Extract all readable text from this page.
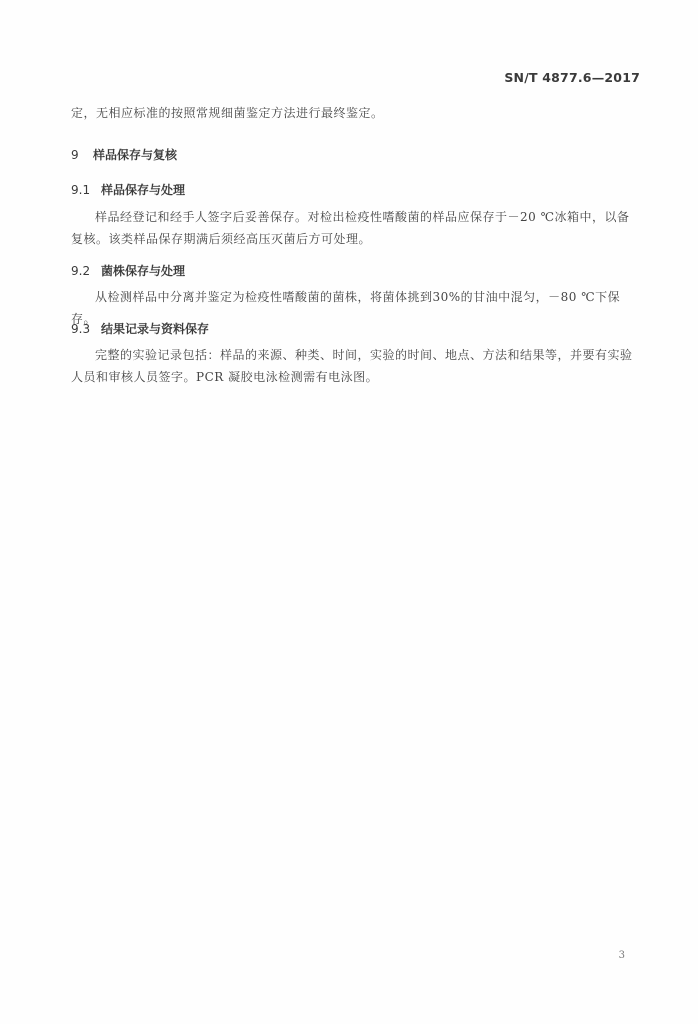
SN/T 4877.6—2017
定，无相应标准的按照常规细菌鉴定方法进行最终鉴定。
9 样品保存与复核
9.1 样品保存与处理
样品经登记和经手人签字后妥善保存。对检出检疫性嗜酸菌的样品应保存于－20 ℃冰箱中，以备复核。该类样品保存期满后须经高压灭菌后方可处理。
9.2 菌株保存与处理
从检测样品中分离并鉴定为检疫性嗜酸菌的菌株，将菌体挑到30%的甘油中混匀，－80 ℃下保存。
9.3 结果记录与资料保存
完整的实验记录包括：样品的来源、种类、时间，实验的时间、地点、方法和结果等，并要有实验人员和审核人员签字。PCR 凝胶电泳检测需有电泳图。
3
